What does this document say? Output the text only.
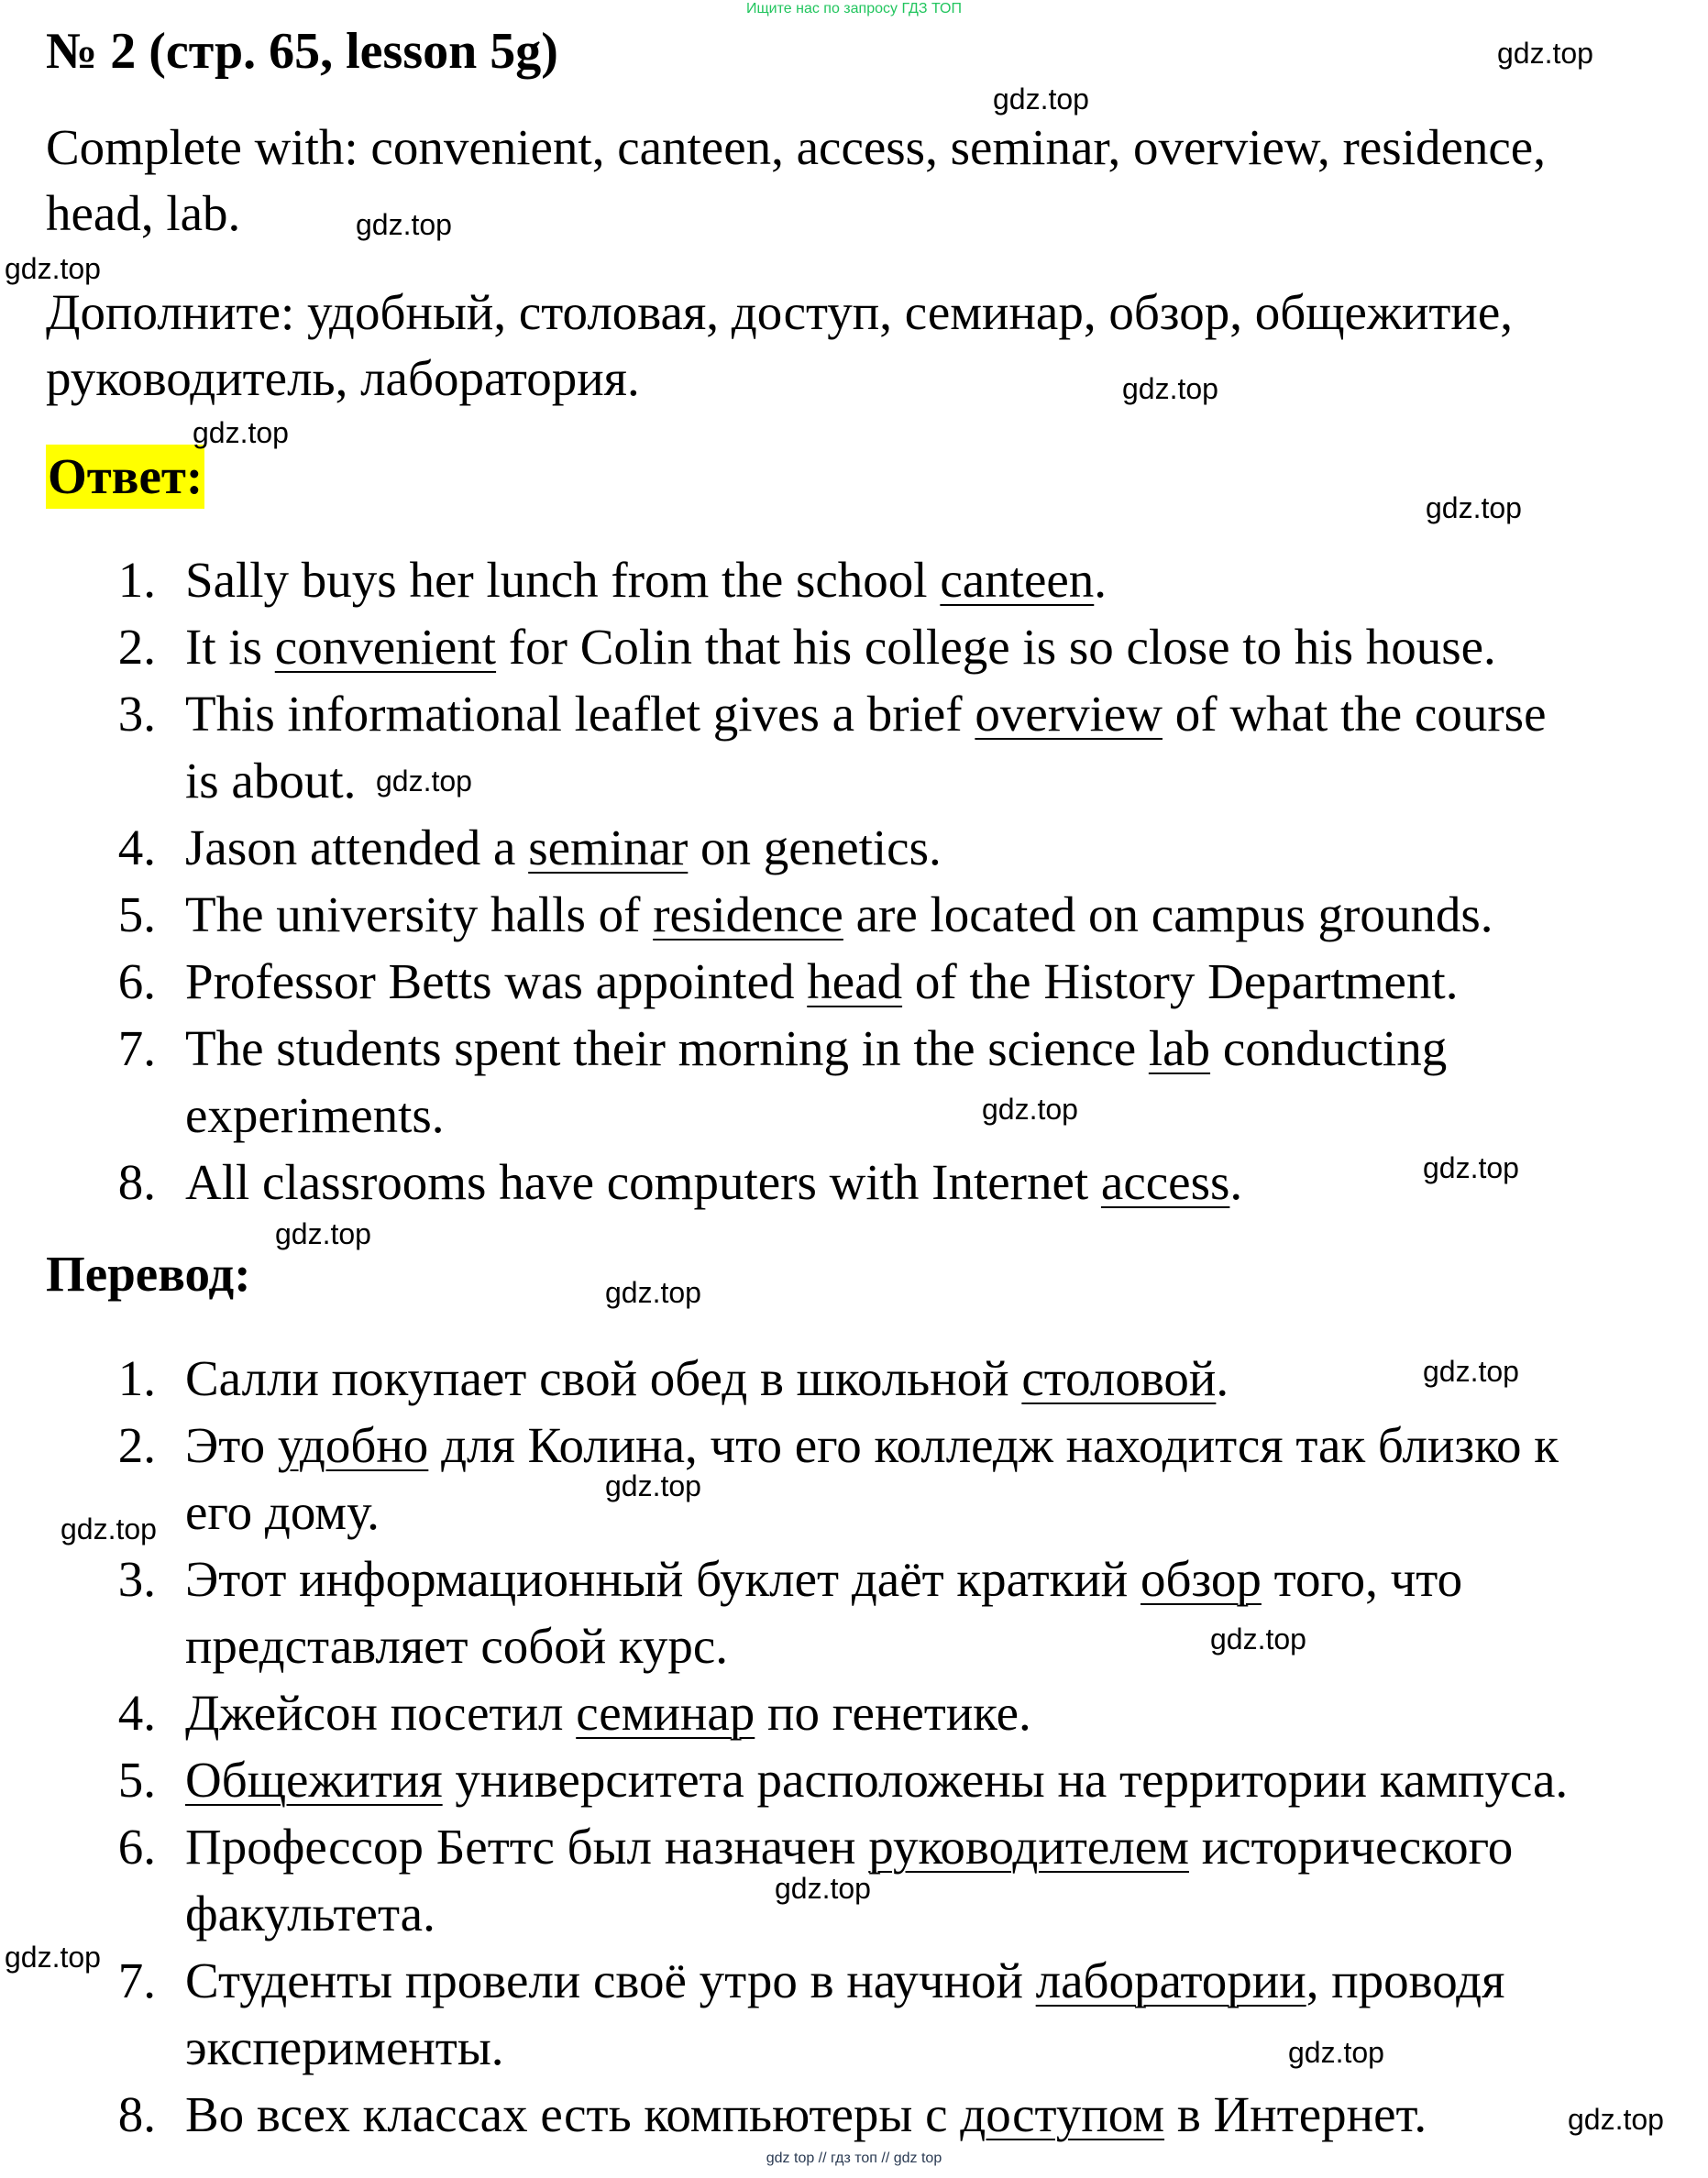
Ищите нас по запросу ГДЗ ТОП
№ 2 (стр. 65, lesson 5g)
Complete with: convenient, canteen, access, seminar, overview, residence,
head, lab.
Дополните: удобный, столовая, доступ, семинар, обзор, общежитие,
руководитель, лаборатория.
Ответ:
1. Sally buys her lunch from the school canteen.
2. It is convenient for Colin that his college is so close to his house.
3. This informational leaflet gives a brief overview of what the course
is about.
4. Jason attended a seminar on genetics.
5. The university halls of residence are located on campus grounds.
6. Professor Betts was appointed head of the History Department.
7. The students spent their morning in the science lab conducting
experiments.
8. All classrooms have computers with Internet access.
Перевод:
1. Салли покупает свой обед в школьной столовой.
2. Это удобно для Колина, что его колледж находится так близко к
его дому.
3. Этот информационный буклет даёт краткий обзор того, что
представляет собой курс.
4. Джейсон посетил семинар по генетике.
5. Общежития университета расположены на территории кампуса.
6. Профессор Беттс был назначен руководителем исторического
факультета.
7. Студенты провели своё утро в научной лаборатории, проводя
эксперименты.
8. Во всех классах есть компьютеры с доступом в Интернет.
gdz.top
gdz.top
gdz.top
gdz.top
gdz.top
gdz.top
gdz.top
gdz.top
gdz.top
gdz.top
gdz.top
gdz.top
gdz.top
gdz.top
gdz.top
gdz.top
gdz.top
gdz.top
gdz.top
gdz.top
gdz top // гдз топ // gdz top
